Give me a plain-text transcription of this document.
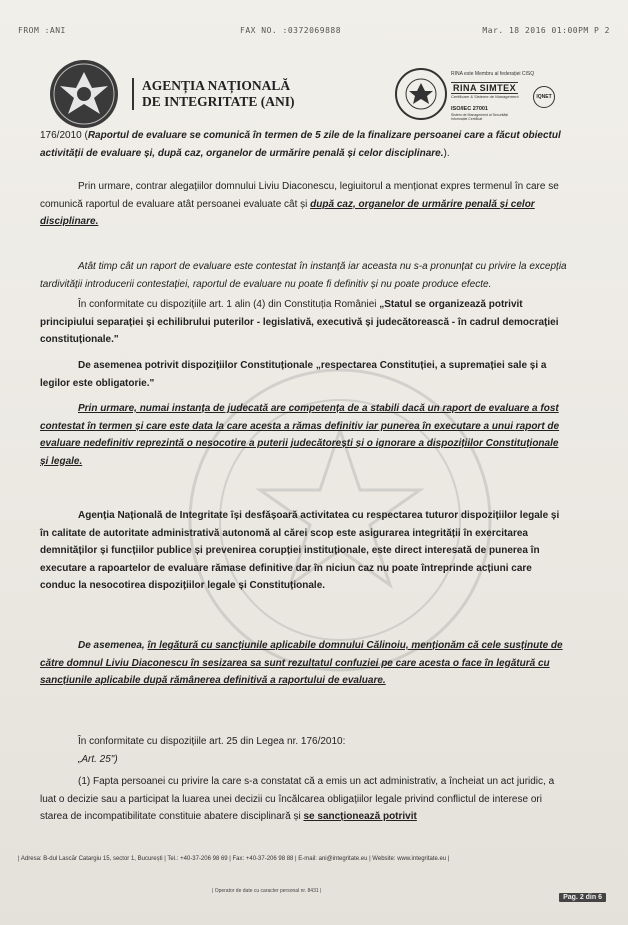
FROM :ANI	FAX NO. :0372069888	Mar. 18 2016 01:00PM P 2
AGENȚIA NAȚIONALĂ
DE INTEGRITATE (ANI)
RINA este Membru al federației CISQ
RINA SIMTEX
Certificare & Sisteme de Management
ISO/IEC 27001
Sistem de Management al Securității Informației Certificat
IQNET
176/2010 (Raportul de evaluare se comunică în termen de 5 zile de la finalizare persoanei care a făcut obiectul activității de evaluare și, după caz, organelor de urmărire penală și celor disciplinare.).
Prin urmare, contrar alegațiilor domnului Liviu Diaconescu, legiuitorul a menționat expres termenul în care se comunică raportul de evaluare atât persoanei evaluate cât și după caz, organelor de urmărire penală și celor disciplinare.
Atât timp cât un raport de evaluare este contestat în instanță iar aceasta nu s-a pronunțat cu privire la excepția tardivității introducerii contestației, raportul de evaluare nu poate fi definitiv și nu poate produce efecte.
În conformitate cu dispozițiile art. 1 alin (4) din Constituția României „Statul se organizează potrivit principiului separației și echilibrului puterilor - legislativă, executivă și judecătorească - în cadrul democrației constituționale."
De asemenea potrivit dispozițiilor Constituționale „respectarea Constituției, a supremației sale și a legilor este obligatorie."
Prin urmare, numai instanța de judecată are competența de a stabili dacă un raport de evaluare a fost contestat în termen și care este data la care acesta a rămas definitiv iar punerea în executare a unui raport de evaluare nedefinitiv reprezintă o nesocotire a puterii judecătorești și o ignorare a dispozițiilor Constituționale și legale.
Agenția Națională de Integritate își desfășoară activitatea cu respectarea tuturor dispozițiilor legale și în calitate de autoritate administrativă autonomă al cărei scop este asigurarea integrității în exercitarea demnităților și funcțiilor publice și prevenirea corupției instituționale, este direct interesată de punerea în executare a rapoartelor de evaluare rămase definitive dar în niciun caz nu poate întreprinde acțiuni care conduc la nesocotirea dispozițiilor legale și Constituționale.
De asemenea, în legătură cu sancțiunile aplicabile domnului Călinoiu, menționăm că cele susținute de către domnul Liviu Diaconescu în sesizarea sa sunt rezultatul confuziei pe care acesta o face în legătură cu sancțiunile aplicabile după rămânerea definitivă a raportului de evaluare.
În conformitate cu dispozițiile art. 25 din Legea nr. 176/2010:
„Art. 25")
(1) Fapta persoanei cu privire la care s-a constatat că a emis un act administrativ, a încheiat un act juridic, a luat o decizie sau a participat la luarea unei decizii cu încălcarea obligațiilor legale privind conflictul de interese ori starea de incompatibilitate constituie abatere disciplinară și se sancționează potrivit
| Adresa: B-dul Lascăr Catargiu 15, sector 1, București | Tel.: +40-37-206 98 69 | Fax: +40-37-206 98 88 | E-mail: ani@integritate.eu | Website: www.integritate.eu |
| Operator de date cu caracter personal nr. 8431 |
Pag. 2 din 6
